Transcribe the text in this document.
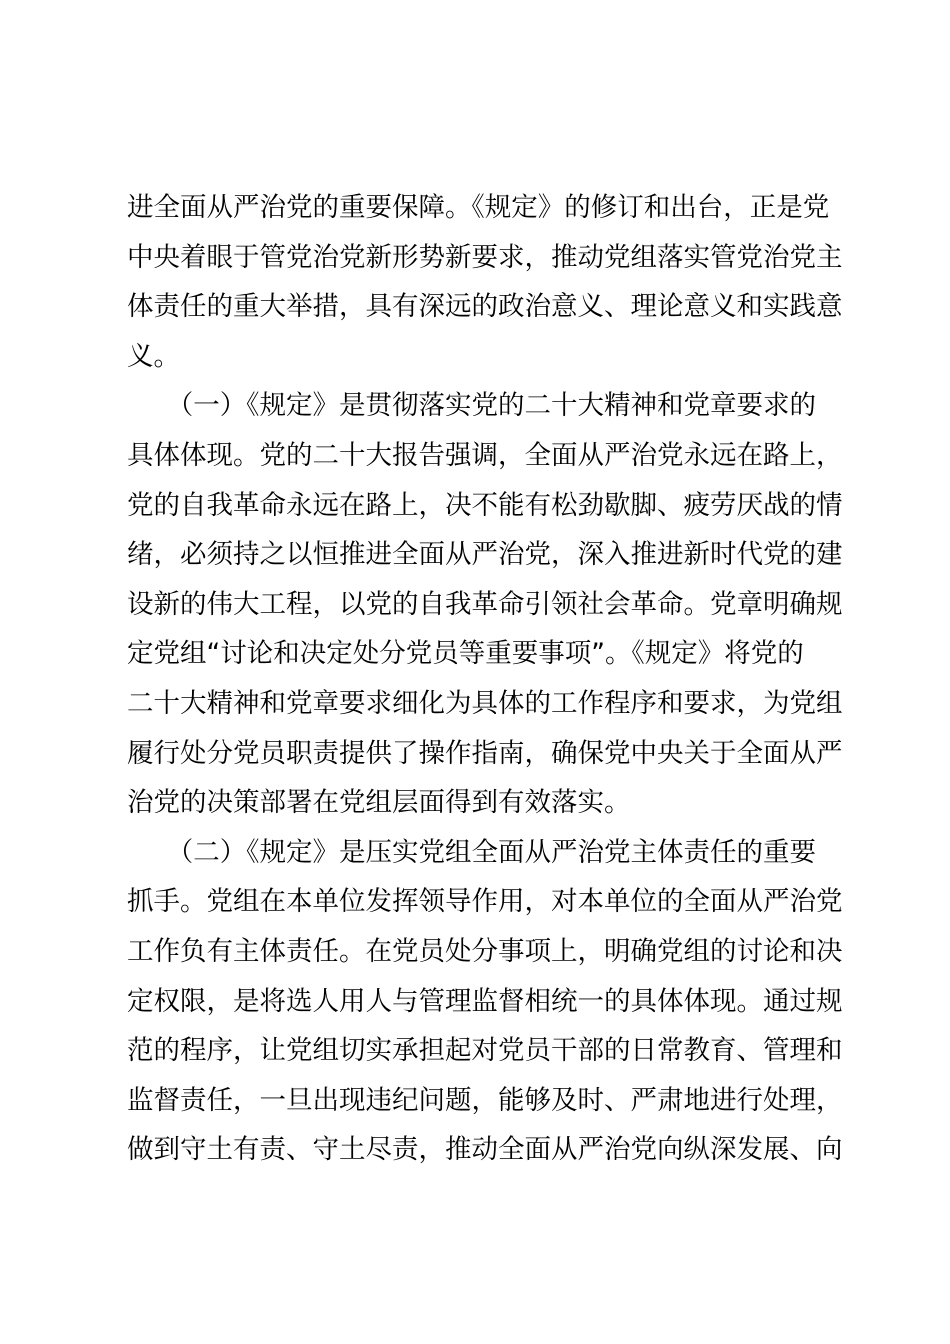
进全面从严治党的重要保障。《规定》的修订和出台，正是党
中央着眼于管党治党新形势新要求，推动党组落实管党治党主
体责任的重大举措，具有深远的政治意义、理论意义和实践意
义。
　　（一）《规定》是贯彻落实党的二十大精神和党章要求的
具体体现。党的二十大报告强调，全面从严治党永远在路上，
党的自我革命永远在路上，决不能有松劲歇脚、疲劳厌战的情
绪，必须持之以恒推进全面从严治党，深入推进新时代党的建
设新的伟大工程，以党的自我革命引领社会革命。党章明确规
定党组“讨论和决定处分党员等重要事项”。《规定》将党的
二十大精神和党章要求细化为具体的工作程序和要求，为党组
履行处分党员职责提供了操作指南，确保党中央关于全面从严
治党的决策部署在党组层面得到有效落实。
　　（二）《规定》是压实党组全面从严治党主体责任的重要
抓手。党组在本单位发挥领导作用，对本单位的全面从严治党
工作负有主体责任。在党员处分事项上，明确党组的讨论和决
定权限，是将选人用人与管理监督相统一的具体体现。通过规
范的程序，让党组切实承担起对党员干部的日常教育、管理和
监督责任，一旦出现违纪问题，能够及时、严肃地进行处理，
做到守土有责、守土尽责，推动全面从严治党向纵深发展、向
